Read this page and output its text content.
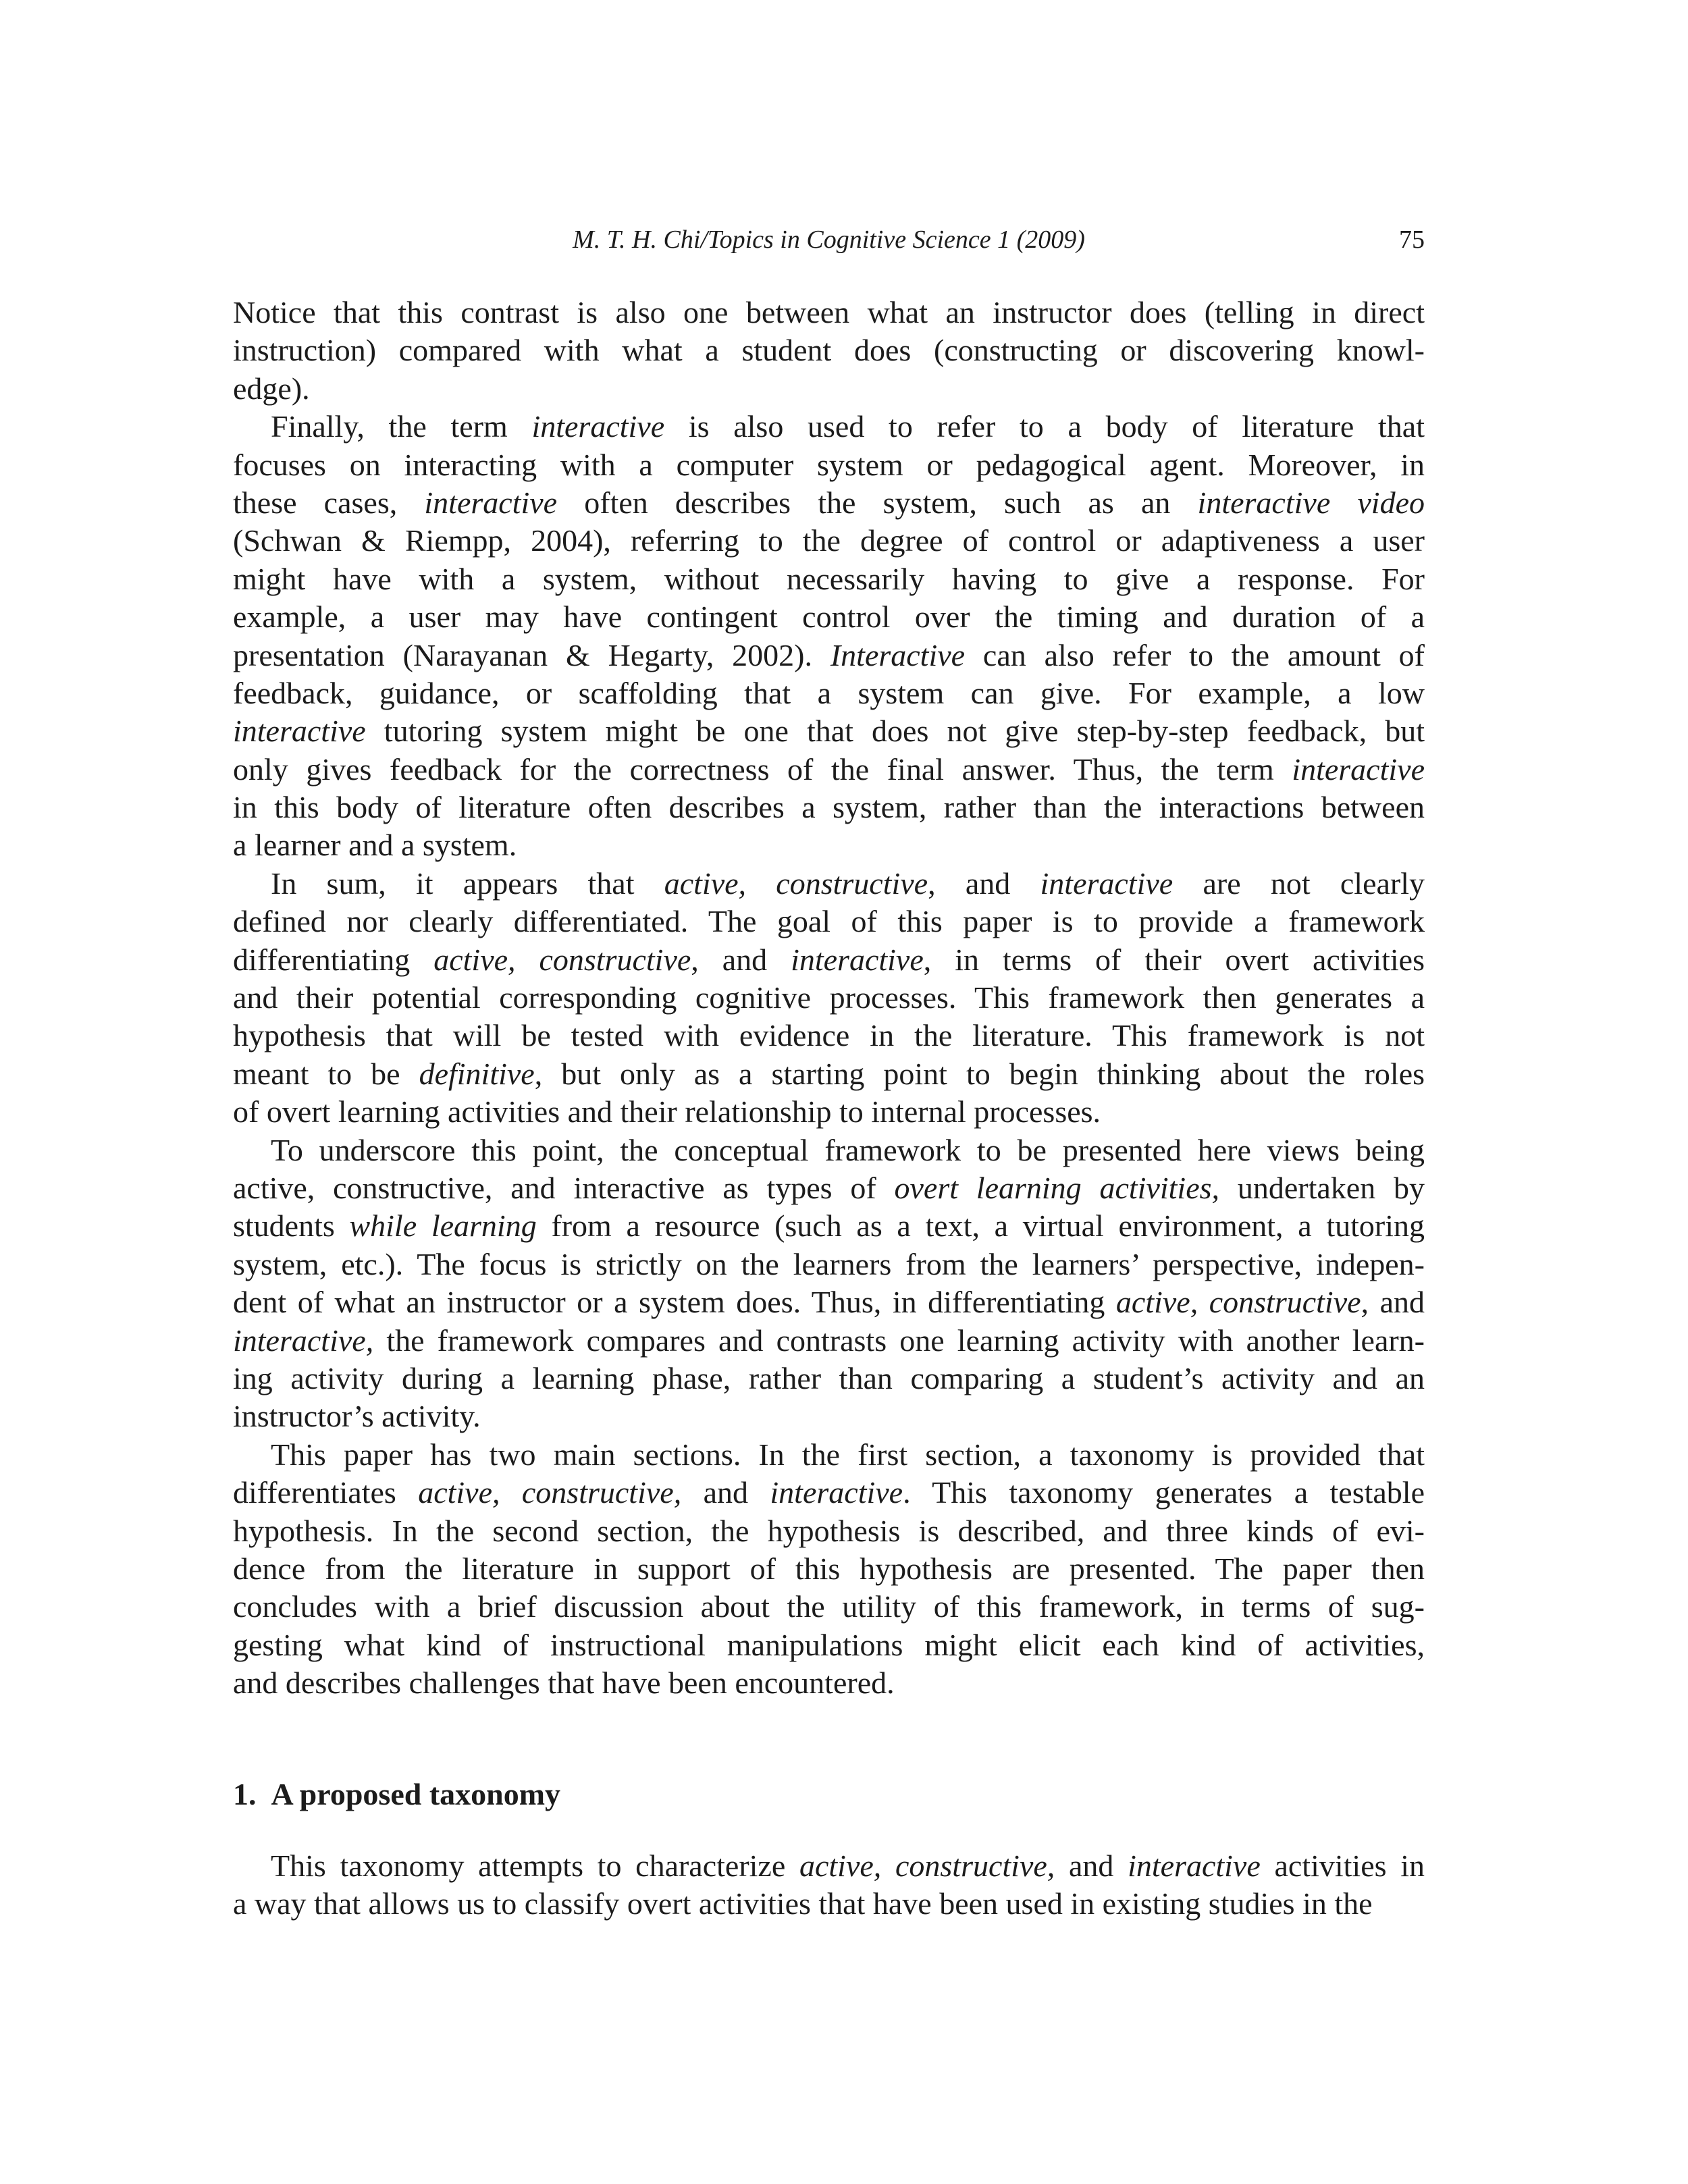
M. T. H. Chi/Topics in Cognitive Science 1 (2009)	75
Notice that this contrast is also one between what an instructor does (telling in direct
instruction) compared with what a student does (constructing or discovering knowl-
edge).
Finally, the term interactive is also used to refer to a body of literature that
focuses on interacting with a computer system or pedagogical agent. Moreover, in
these cases, interactive often describes the system, such as an interactive video
(Schwan & Riempp, 2004), referring to the degree of control or adaptiveness a user
might have with a system, without necessarily having to give a response. For
example, a user may have contingent control over the timing and duration of a
presentation (Narayanan & Hegarty, 2002). Interactive can also refer to the amount of
feedback, guidance, or scaffolding that a system can give. For example, a low
interactive tutoring system might be one that does not give step-by-step feedback, but
only gives feedback for the correctness of the final answer. Thus, the term interactive
in this body of literature often describes a system, rather than the interactions between
a learner and a system.
In sum, it appears that active, constructive, and interactive are not clearly
defined nor clearly differentiated. The goal of this paper is to provide a framework
differentiating active, constructive, and interactive, in terms of their overt activities
and their potential corresponding cognitive processes. This framework then generates a
hypothesis that will be tested with evidence in the literature. This framework is not
meant to be definitive, but only as a starting point to begin thinking about the roles
of overt learning activities and their relationship to internal processes.
To underscore this point, the conceptual framework to be presented here views being
active, constructive, and interactive as types of overt learning activities, undertaken by
students while learning from a resource (such as a text, a virtual environment, a tutoring
system, etc.). The focus is strictly on the learners from the learners’ perspective, indepen-
dent of what an instructor or a system does. Thus, in differentiating active, constructive, and
interactive, the framework compares and contrasts one learning activity with another learn-
ing activity during a learning phase, rather than comparing a student’s activity and an
instructor’s activity.
This paper has two main sections. In the first section, a taxonomy is provided that
differentiates active, constructive, and interactive. This taxonomy generates a testable
hypothesis. In the second section, the hypothesis is described, and three kinds of evi-
dence from the literature in support of this hypothesis are presented. The paper then
concludes with a brief discussion about the utility of this framework, in terms of sug-
gesting what kind of instructional manipulations might elicit each kind of activities,
and describes challenges that have been encountered.
1. A proposed taxonomy
This taxonomy attempts to characterize active, constructive, and interactive activities in
a way that allows us to classify overt activities that have been used in existing studies in the
